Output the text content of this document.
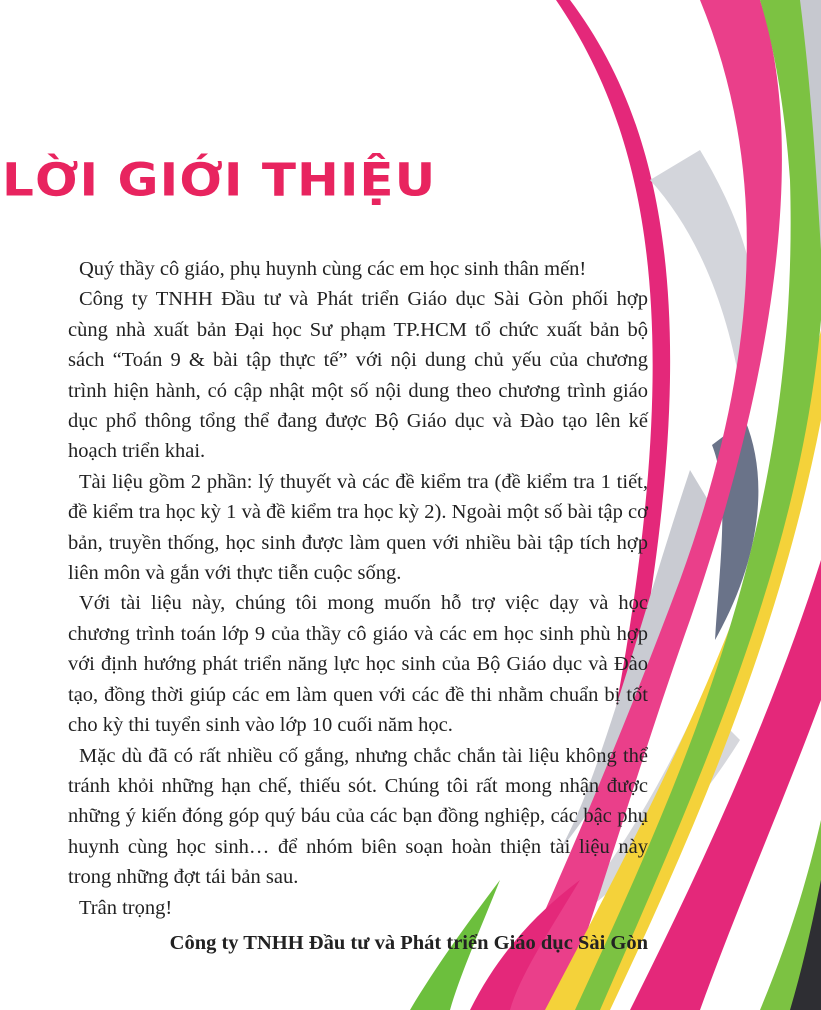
LỜI GIỚI THIỆU

Quý thầy cô giáo, phụ huynh cùng các em học sinh thân mến!

Công ty TNHH Đầu tư và Phát triển Giáo dục Sài Gòn phối hợp cùng nhà xuất bản Đại học Sư phạm TP.HCM tổ chức xuất bản bộ sách “Toán 9 & bài tập thực tế” với nội dung chủ yếu của chương trình hiện hành, có cập nhật một số nội dung theo chương trình giáo dục phổ thông tổng thể đang được Bộ Giáo dục và Đào tạo lên kế hoạch triển khai.

Tài liệu gồm 2 phần: lý thuyết và các đề kiểm tra (đề kiểm tra 1 tiết, đề kiểm tra học kỳ 1 và đề kiểm tra học kỳ 2). Ngoài một số bài tập cơ bản, truyền thống, học sinh được làm quen với nhiều bài tập tích hợp liên môn và gắn với thực tiễn cuộc sống.

Với tài liệu này, chúng tôi mong muốn hỗ trợ việc dạy và học chương trình toán lớp 9 của thầy cô giáo và các em học sinh phù hợp với định hướng phát triển năng lực học sinh của Bộ Giáo dục và Đào tạo, đồng thời giúp các em làm quen với các đề thi nhằm chuẩn bị tốt cho kỳ thi tuyển sinh vào lớp 10 cuối năm học.

Mặc dù đã có rất nhiều cố gắng, nhưng chắc chắn tài liệu không thể tránh khỏi những hạn chế, thiếu sót. Chúng tôi rất mong nhận được những ý kiến đóng góp quý báu của các bạn đồng nghiệp, các bậc phụ huynh cùng học sinh… để nhóm biên soạn hoàn thiện tài liệu này trong những đợt tái bản sau.

Trân trọng!

Công ty TNHH Đầu tư và Phát triển Giáo dục Sài Gòn
